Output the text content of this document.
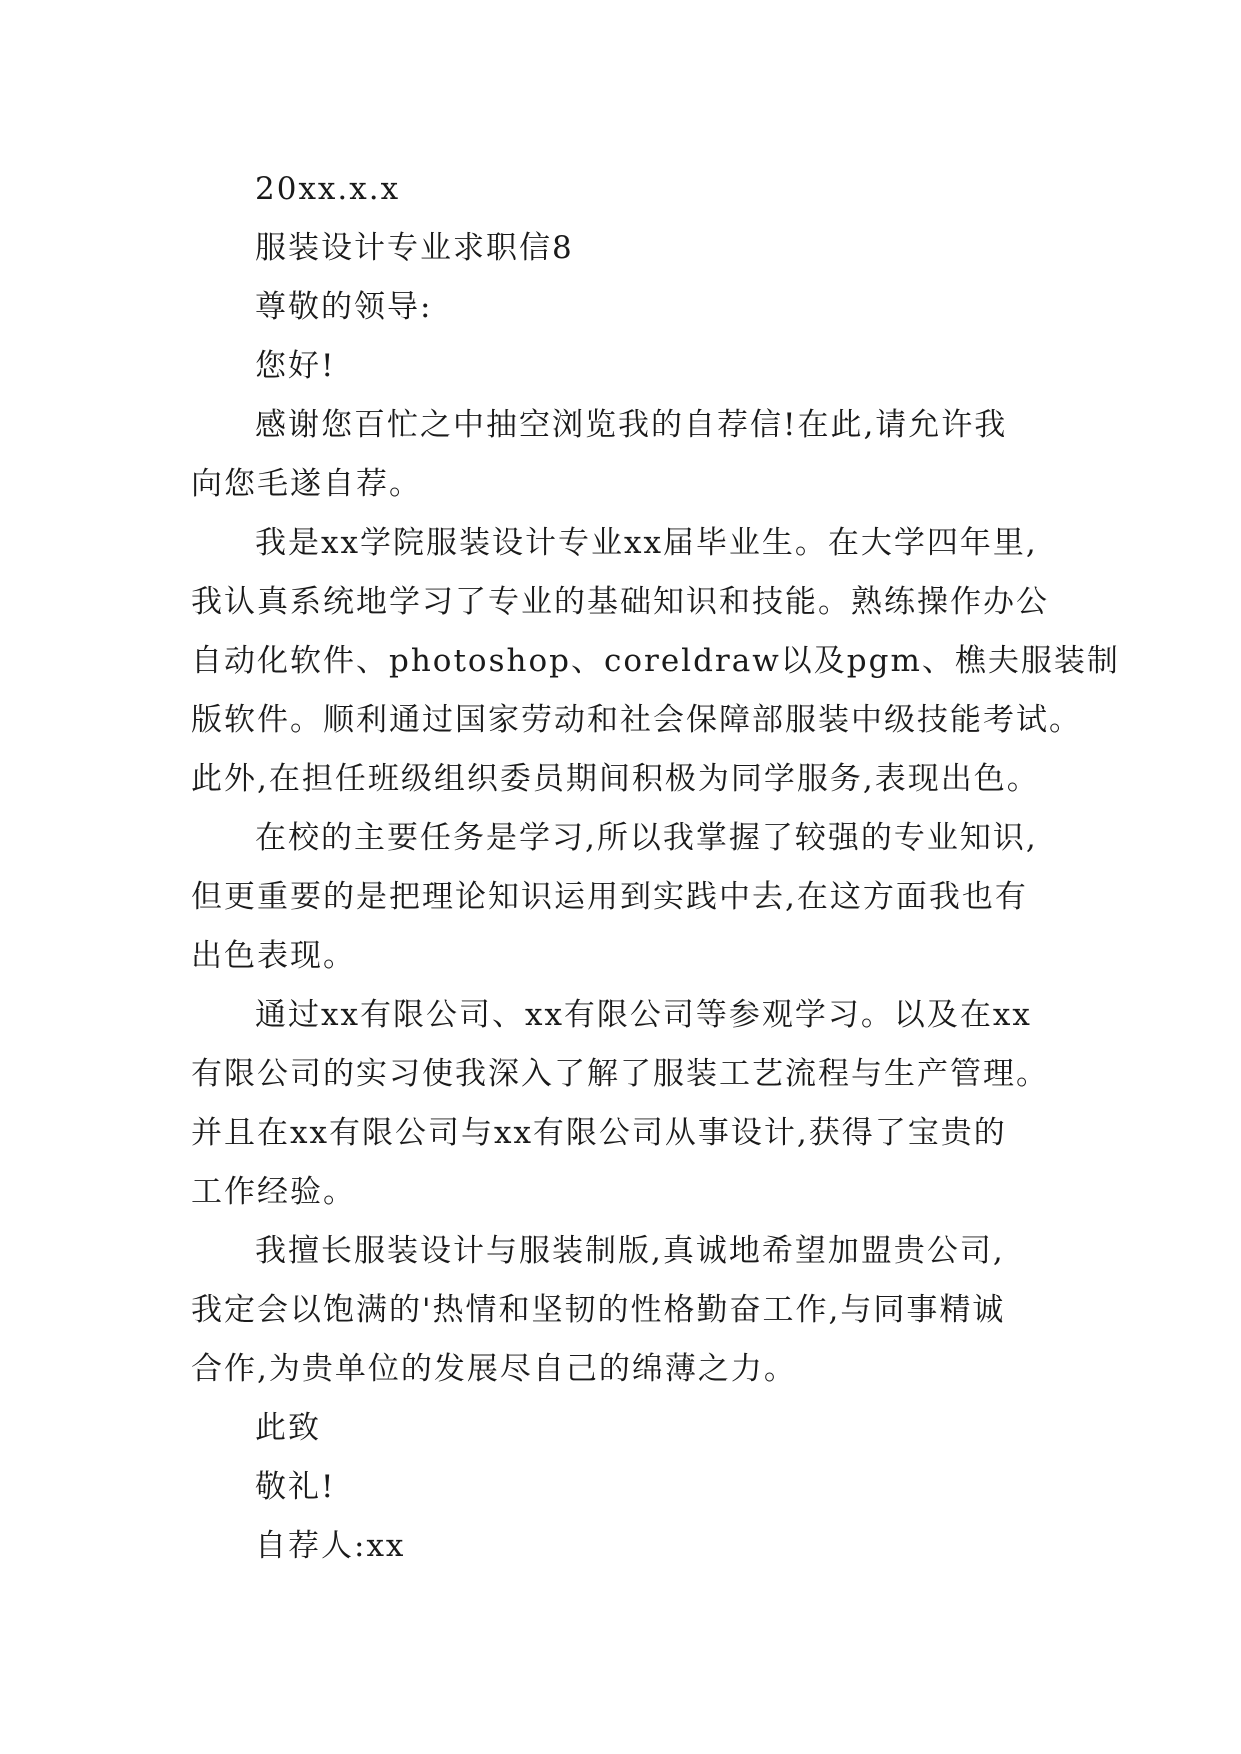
20xx.x.x
服装设计专业求职信8
尊敬的领导:
您好!
感谢您百忙之中抽空浏览我的自荐信!在此,请允许我
向您毛遂自荐。
我是xx学院服装设计专业xx届毕业生。在大学四年里,
我认真系统地学习了专业的基础知识和技能。熟练操作办公
自动化软件、photoshop、coreldraw以及pgm、樵夫服装制
版软件。顺利通过国家劳动和社会保障部服装中级技能考试。
此外,在担任班级组织委员期间积极为同学服务,表现出色。
在校的主要任务是学习,所以我掌握了较强的专业知识,
但更重要的是把理论知识运用到实践中去,在这方面我也有
出色表现。
通过xx有限公司、xx有限公司等参观学习。以及在xx
有限公司的实习使我深入了解了服装工艺流程与生产管理。
并且在xx有限公司与xx有限公司从事设计,获得了宝贵的
工作经验。
我擅长服装设计与服装制版,真诚地希望加盟贵公司,
我定会以饱满的'热情和坚韧的性格勤奋工作,与同事精诚
合作,为贵单位的发展尽自己的绵薄之力。
此致
敬礼!
自荐人:xx
